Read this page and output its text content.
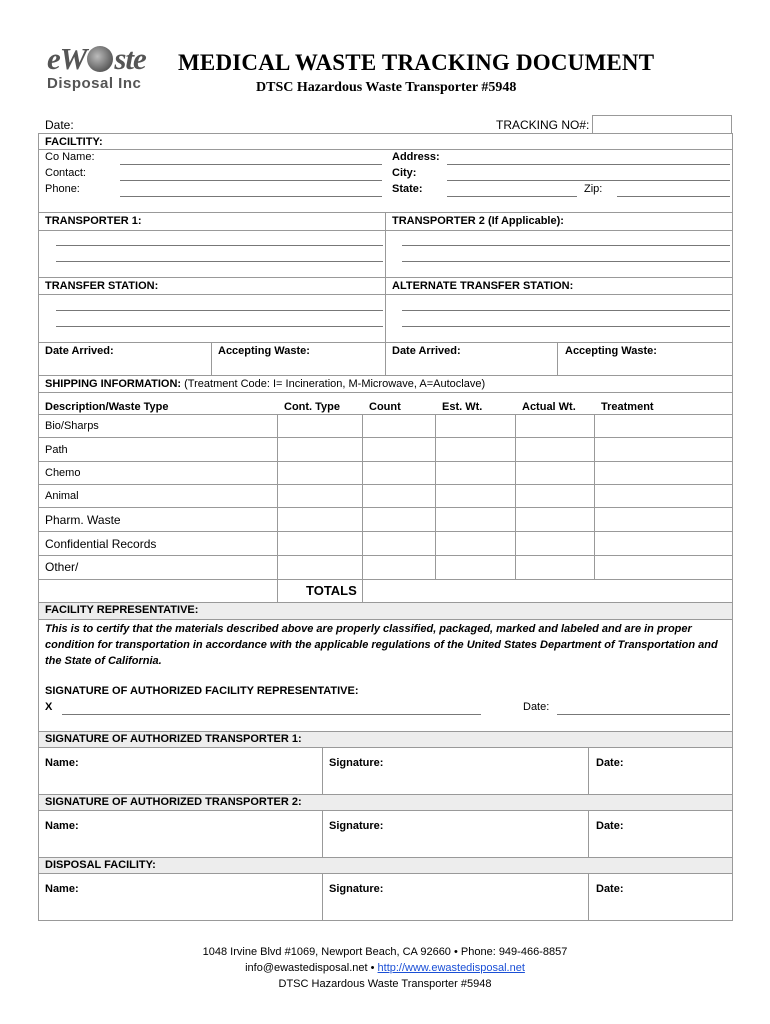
eW ste
Disposal Inc
MEDICAL WASTE TRACKING DOCUMENT
DTSC Hazardous Waste Transporter #5948
Date:	TRACKING NO#:
FACILTITY:
Co Name:
Contact:
Phone:
Address:
City:
State:	Zip:
TRANSPORTER 1:	TRANSPORTER 2 (If Applicable):
TRANSFER STATION:	ALTERNATE TRANSFER STATION:
Date Arrived:	Accepting Waste:	Date Arrived:	Accepting Waste:
SHIPPING INFORMATION: (Treatment Code: I= Incineration, M-Microwave, A=Autoclave)
Description/Waste Type	Cont. Type	Count	Est. Wt.	Actual Wt. Treatment
Bio/Sharps
Path
Chemo
Animal
Pharm. Waste
Confidential Records
Other/
TOTALS
FACILITY REPRESENTATIVE:
This is to certify that the materials described above are properly classified, packaged, marked and labeled and are in proper condition for transportation in accordance with the applicable regulations of the United States Department of Transportation and the State of California.
SIGNATURE OF AUTHORIZED FACILITY REPRESENTATIVE:
X	Date:
SIGNATURE OF AUTHORIZED TRANSPORTER 1:
Name:	Signature:	Date:
SIGNATURE OF AUTHORIZED TRANSPORTER 2:
Name:	Signature:	Date:
DISPOSAL FACILITY:
Name:	Signature:	Date:
1048 Irvine Blvd #1069, Newport Beach, CA 92660 • Phone: 949-466-8857
info@ewastedisposal.net • http://www.ewastedisposal.net
DTSC Hazardous Waste Transporter #5948
